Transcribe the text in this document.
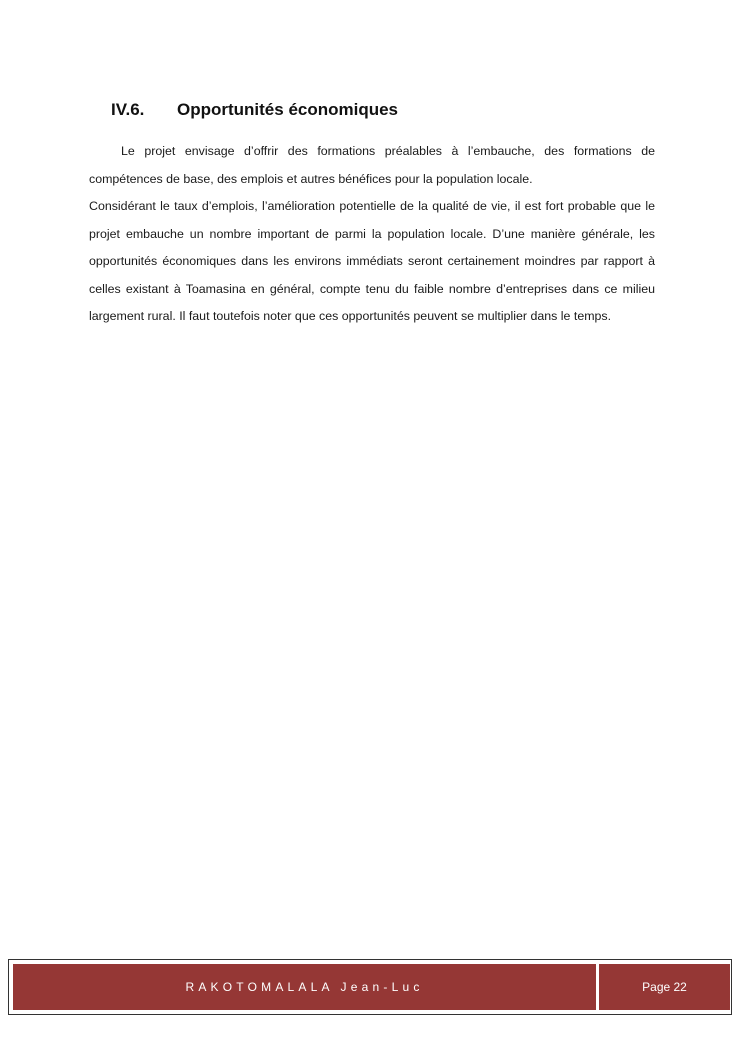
IV.6. Opportunités économiques

Le projet envisage d’offrir des formations préalables à l’embauche, des formations de compétences de base, des emplois et autres bénéfices pour la population locale.

Considérant le taux d’emplois, l’amélioration potentielle de la qualité de vie, il est fort probable que le projet embauche un nombre important de parmi la population locale. D’une manière générale, les opportunités économiques dans les environs immédiats seront certainement moindres par rapport à celles existant à Toamasina en général, compte tenu du faible nombre d’entreprises dans ce milieu largement rural. Il faut toutefois noter que ces opportunités peuvent se multiplier dans le temps.

RAKOTOMALALA Jean-Luc	Page 22
